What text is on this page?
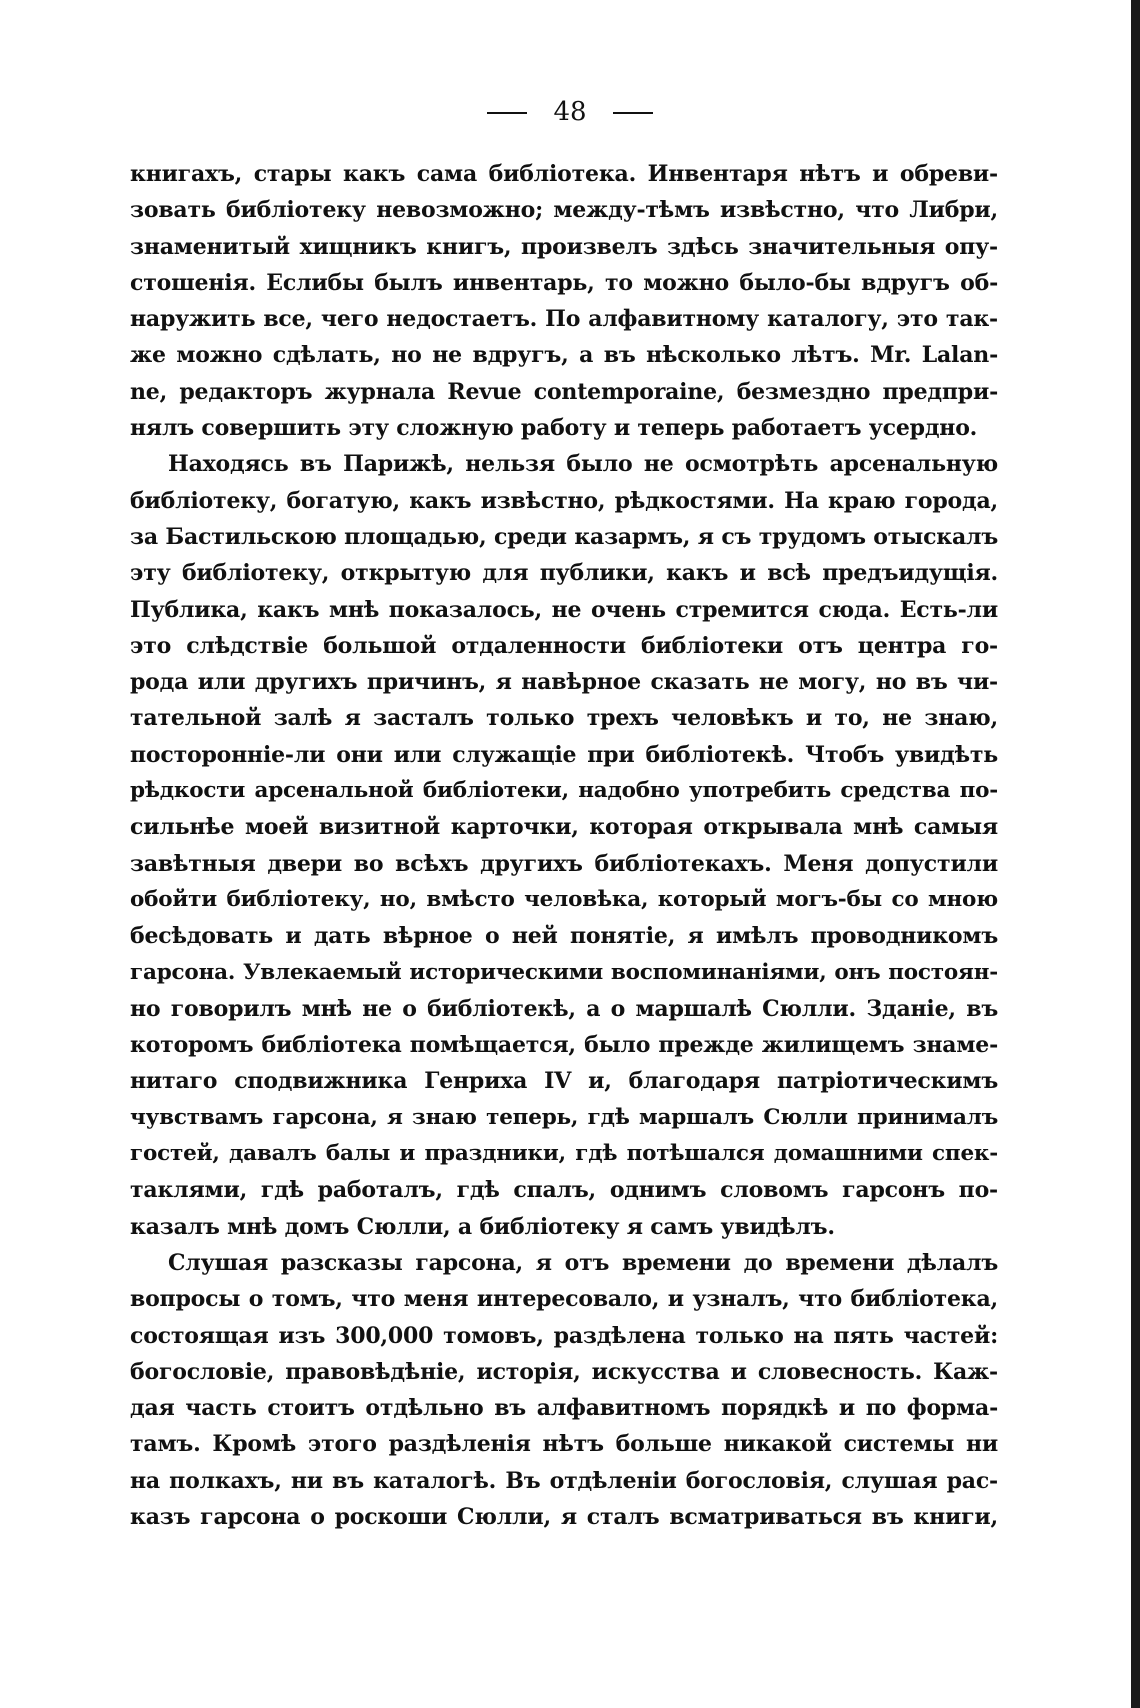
48
книгахъ, стары какъ сама библіотека. Инвентаря нѣтъ и обреви-
зовать библіотеку невозможно; между-тѣмъ извѣстно, что Либри,
знаменитый хищникъ книгъ, произвелъ здѣсь значительныя опу-
стошенія. Еслибы былъ инвентарь, то можно было-бы вдругъ об-
наружить все, чего недостаетъ. По алфавитному каталогу, это так-
же можно сдѣлать, но не вдругъ, а въ нѣсколько лѣтъ. Mr. Lalan-
ne, редакторъ журнала Revue contemporaine, безмездно предпри-
нялъ совершить эту сложную работу и теперь работаетъ усердно.
Находясь въ Парижѣ, нельзя было не осмотрѣть арсенальную
библіотеку, богатую, какъ извѣстно, рѣдкостями. На краю города,
за Бастильскою площадью, среди казармъ, я съ трудомъ отыскалъ
эту библіотеку, открытую для публики, какъ и всѣ предъидущія.
Публика, какъ мнѣ показалось, не очень стремится сюда. Есть-ли
это слѣдствіе большой отдаленности библіотеки отъ центра го-
рода или другихъ причинъ, я навѣрное сказать не могу, но въ чи-
тательной залѣ я засталъ только трехъ человѣкъ и то, не знаю,
посторонніе-ли они или служащіе при библіотекѣ. Чтобъ увидѣть
рѣдкости арсенальной библіотеки, надобно употребить средства по-
сильнѣе моей визитной карточки, которая открывала мнѣ самыя
завѣтныя двери во всѣхъ другихъ библіотекахъ. Меня допустили
обойти библіотеку, но, вмѣсто человѣка, который могъ-бы со мною
бесѣдовать и дать вѣрное о ней понятіе, я имѣлъ проводникомъ
гарсона. Увлекаемый историческими воспоминаніями, онъ постоян-
но говорилъ мнѣ не о библіотекѣ, а о маршалѣ Сюлли. Зданіе, въ
которомъ библіотека помѣщается, было прежде жилищемъ знаме-
нитаго сподвижника Генриха IV и, благодаря патріотическимъ
чувствамъ гарсона, я знаю теперь, гдѣ маршалъ Сюлли принималъ
гостей, давалъ балы и праздники, гдѣ потѣшался домашними спек-
таклями, гдѣ работалъ, гдѣ спалъ, однимъ словомъ гарсонъ по-
казалъ мнѣ домъ Сюлли, а библіотеку я самъ увидѣлъ.
Слушая разсказы гарсона, я отъ времени до времени дѣлалъ
вопросы о томъ, что меня интересовало, и узналъ, что библіотека,
состоящая изъ 300,000 томовъ, раздѣлена только на пять частей:
богословіе, правовѣдѣніе, исторія, искусства и словесность. Каж-
дая часть стоитъ отдѣльно въ алфавитномъ порядкѣ и по форма-
тамъ. Кромѣ этого раздѣленія нѣтъ больше никакой системы ни
на полкахъ, ни въ каталогѣ. Въ отдѣленіи богословія, слушая рас-
казъ гарсона о роскоши Сюлли, я сталъ всматриваться въ книги,
